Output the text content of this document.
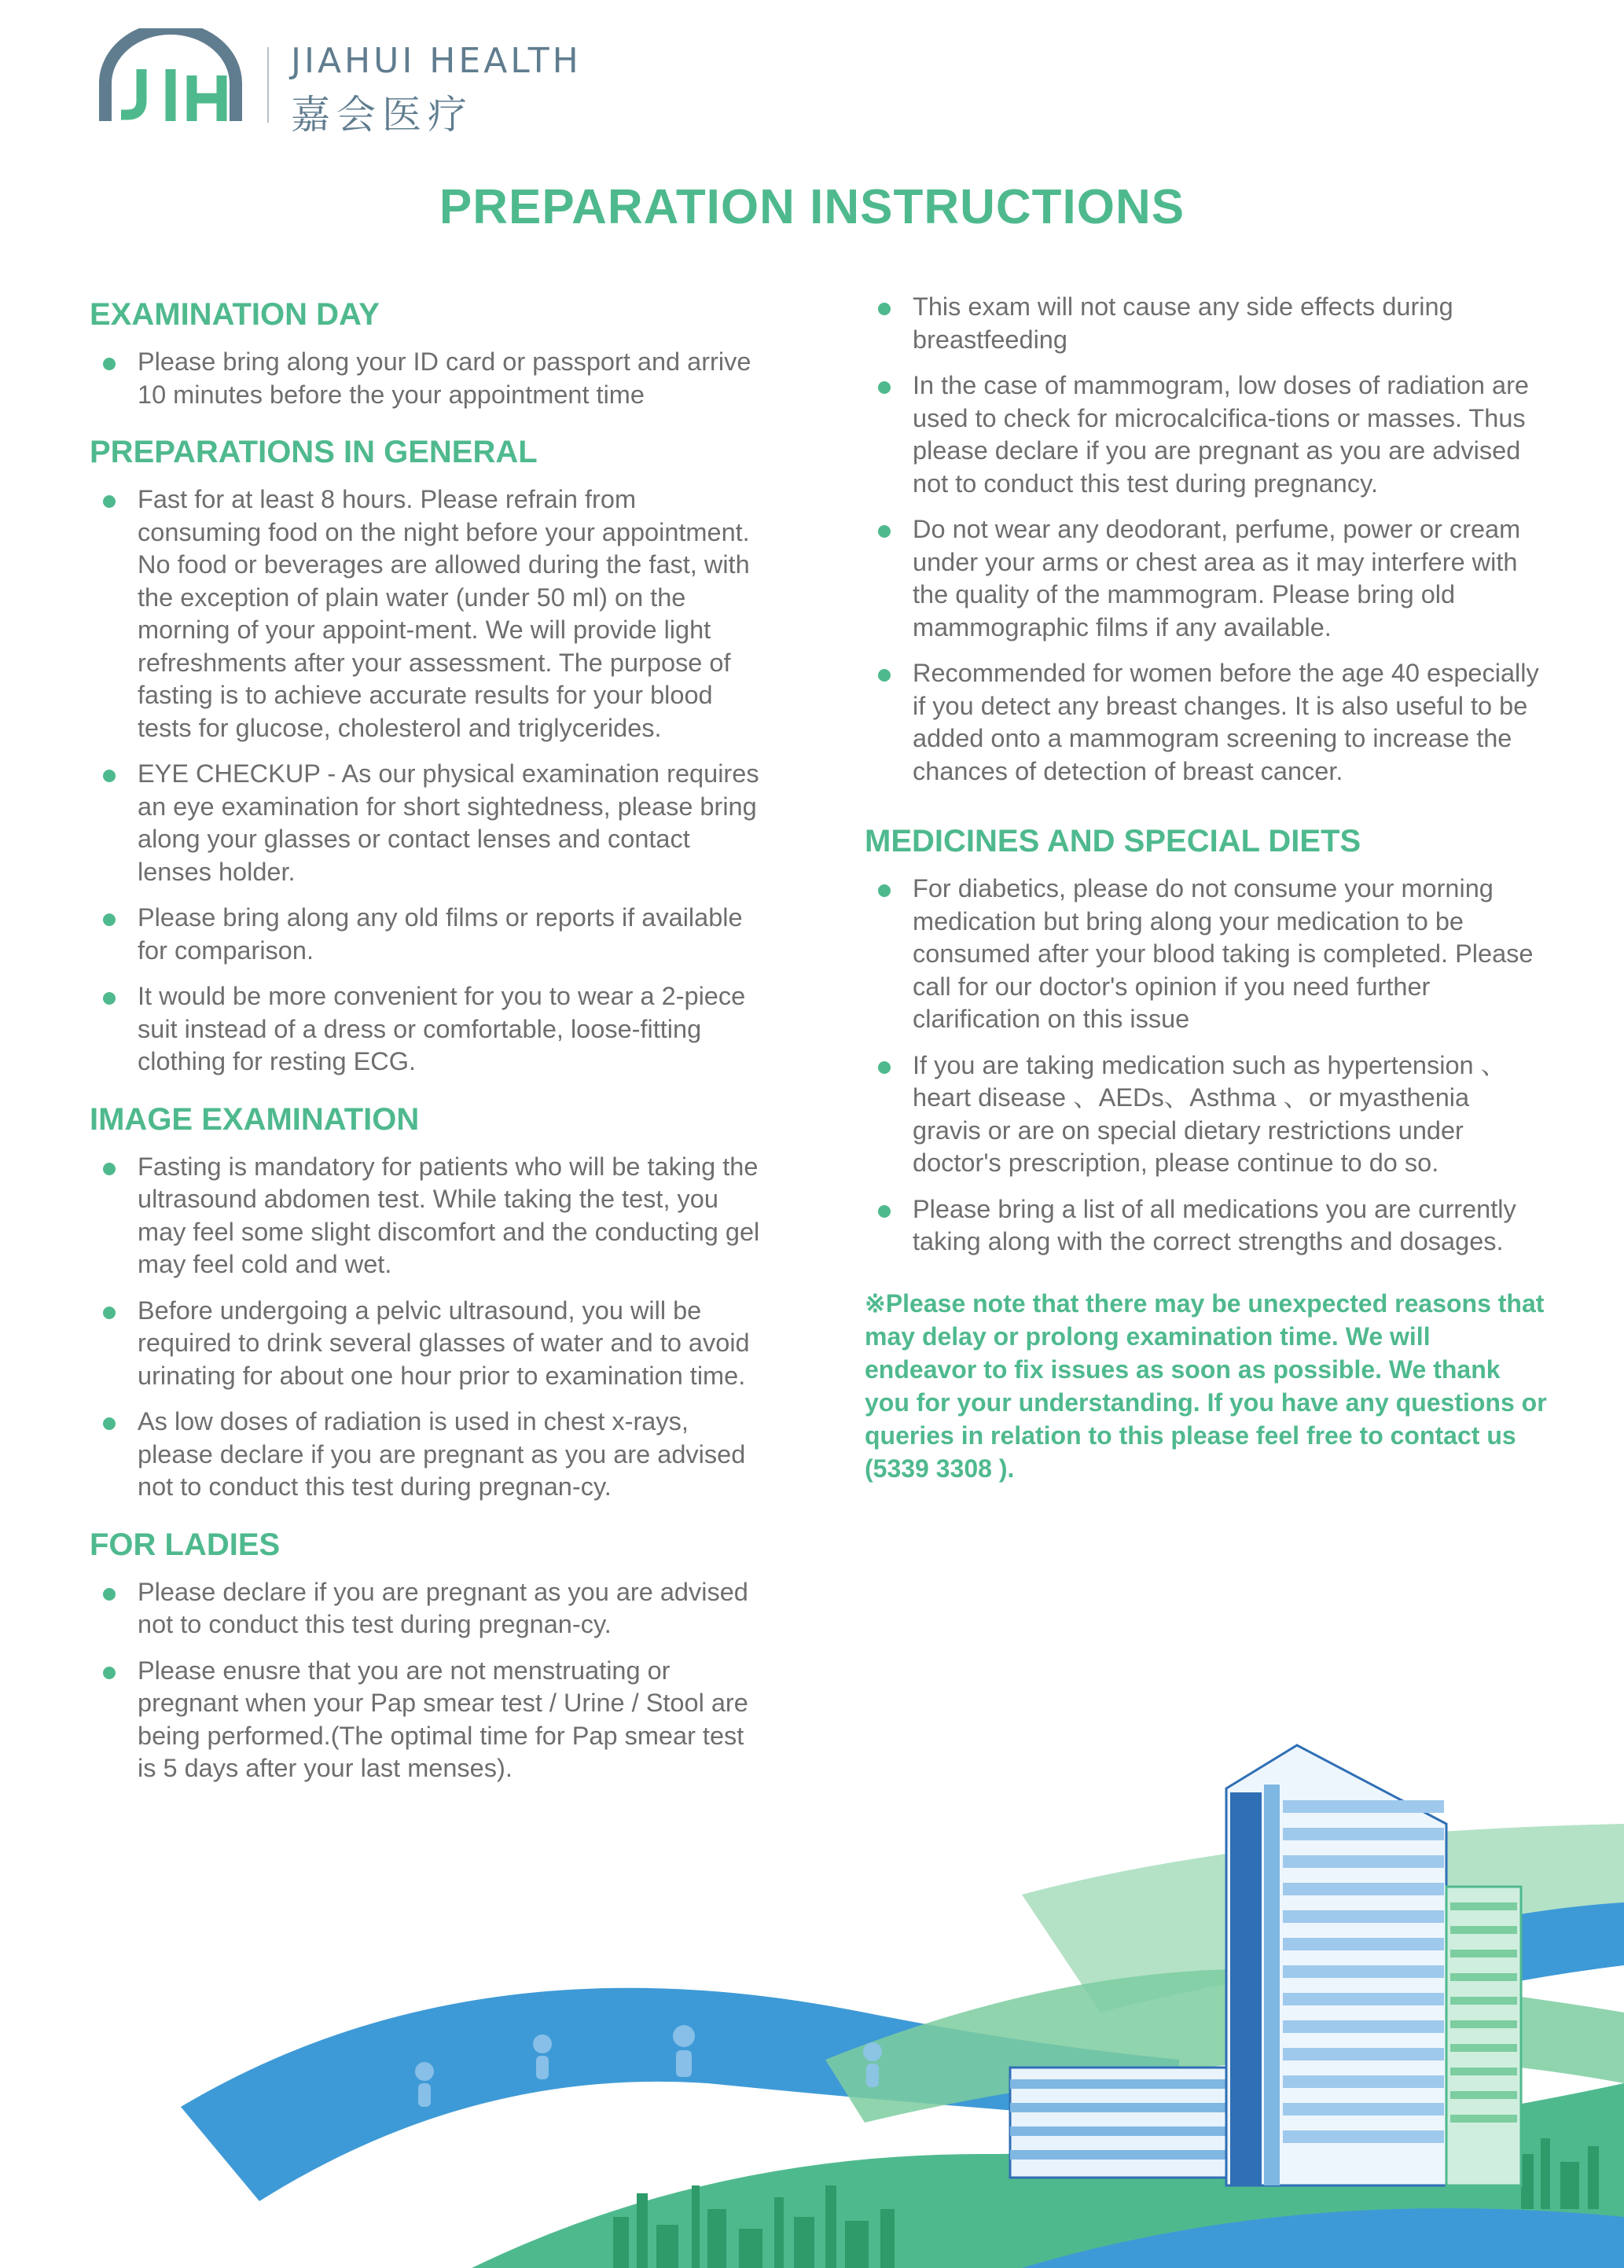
JIAHUI HEALTH
嘉会医疗
PREPARATION INSTRUCTIONS
EXAMINATION DAY
Please bring along your ID card or passport and arrive 10 minutes before the your appointment time
PREPARATIONS IN GENERAL
Fast for at least 8 hours. Please refrain from consuming food on the night before your appointment. No food or beverages are allowed during the fast, with the exception of plain water (under 50 ml) on the morning of your appoint-ment. We will provide light refreshments after your assessment. The purpose of fasting is to achieve accurate results for your blood tests for glucose, cholesterol and triglycerides.
EYE CHECKUP - As our physical examination requires an eye examination for short sightedness, please bring along your glasses or contact lenses and contact lenses holder.
Please bring along any old films or reports if available for comparison.
It would be more convenient for you to wear a 2-piece suit instead of a dress or comfortable, loose-fitting clothing for resting ECG.
IMAGE EXAMINATION
Fasting is mandatory for patients who will be taking the ultrasound abdomen test. While taking the test, you may feel some slight discomfort and the conducting gel may feel cold and wet.
Before undergoing a pelvic ultrasound, you will be required to drink several glasses of water and to avoid urinating for about one hour prior to examination time.
As low doses of radiation is used in chest x-rays, please declare if you are pregnant as you are advised not to conduct this test during pregnan-cy.
FOR LADIES
Please declare if you are pregnant as you are advised not to conduct this test during pregnan-cy.
Please enusre that you are not menstruating or pregnant when your Pap smear test / Urine / Stool are being performed.(The optimal time for Pap smear test is 5 days after your last menses).
This exam will not cause any side effects during breastfeeding
In the case of mammogram, low doses of radiation are used to check for microcalcifica-tions or masses. Thus please declare if you are pregnant as you are advised not to conduct this test during pregnancy.
Do not wear any deodorant, perfume, power or cream under your arms or chest area as it may interfere with the quality of the mammogram. Please bring old mammographic films if any available.
Recommended for women before the age 40 especially if you detect any breast changes. It is also useful to be added onto a mammogram screening to increase the chances of detection of breast cancer.
MEDICINES AND SPECIAL DIETS
For diabetics, please do not consume your morning medication but bring along your medication to be consumed after your blood taking is completed. Please call for our doctor's opinion if you need further clarification on this issue
If you are taking medication such as hypertension 、heart disease 、AEDs、Asthma 、or myasthenia gravis or are on special dietary restrictions under doctor's prescription, please continue to do so.
Please bring a list of all medications you are currently taking along with the correct strengths and dosages.

※Please note that there may be unexpected reasons that may delay or prolong examination time. We will endeavor to fix issues as soon as possible. We thank you for your understanding. If you have any questions or queries in relation to this please feel free to contact us (5339 3308 ).
